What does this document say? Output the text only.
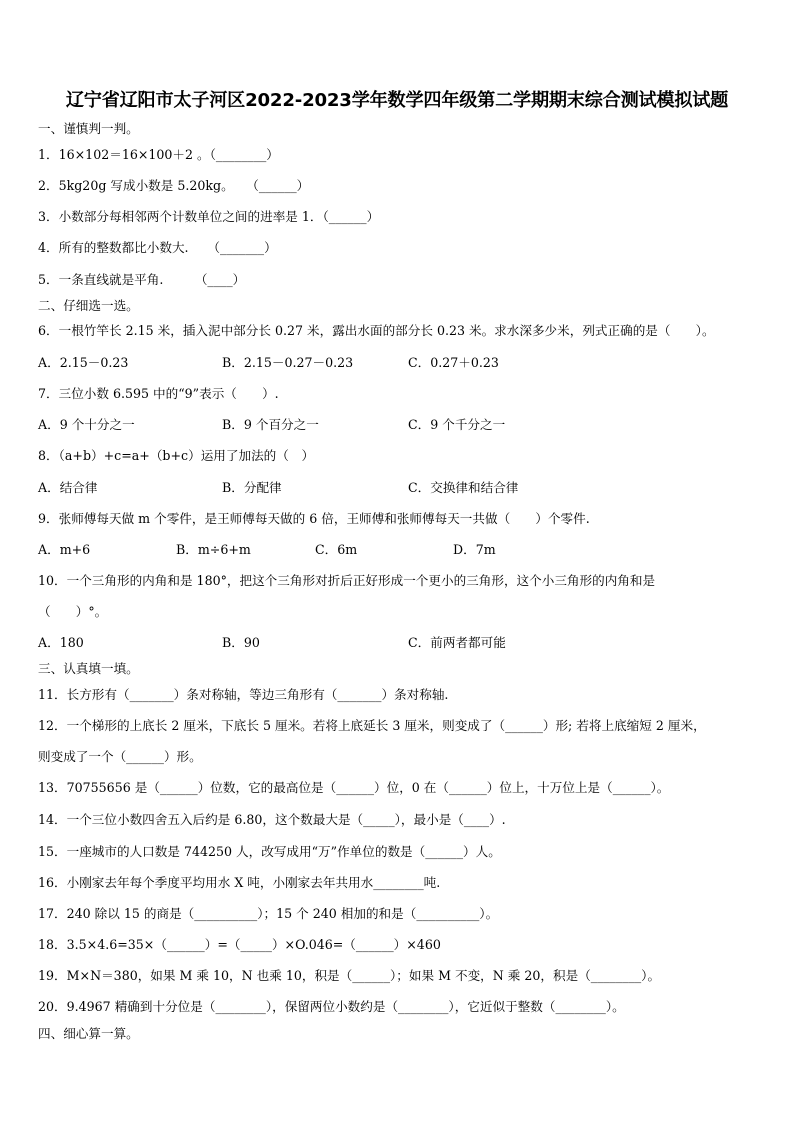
辽宁省辽阳市太子河区2022-2023学年数学四年级第二学期期末综合测试模拟试题
一、谨慎判一判。
1．16×102＝16×100＋2 。（________）
2．5kg20g 写成小数是 5.20kg。　　（______）
3．小数部分每相邻两个计数单位之间的进率是 1．（______）
4．所有的整数都比小数大.　　（_______）
5．一条直线就是平角.　　　（____）
二、仔细选一选。
6．一根竹竿长 2.15 米，插入泥中部分长 0.27 米，露出水面的部分长 0.23 米。求水深多少米，列式正确的是（　　）。
A．2.15－0.23	B．2.15－0.27－0.23	C．0.27＋0.23
7．三位小数 6.595 中的“9”表示（　　）.
A．9 个十分之一	B．9 个百分之一	C．9 个千分之一
8．（a+b）+c=a+（b+c）运用了加法的（　）
A．结合律	B．分配律	C．交换律和结合律
9．张师傅每天做 m 个零件，是王师傅每天做的 6 倍，王师傅和张师傅每天一共做（　　）个零件.
A．m+6	B．m÷6+m	C．6m	D．7m
10．一个三角形的内角和是 180°，把这个三角形对折后正好形成一个更小的三角形，这个小三角形的内角和是
（　　）°。
A．180	B．90	C．前两者都可能
三、认真填一填。
11．长方形有（_______）条对称轴，等边三角形有（_______）条对称轴.
12．一个梯形的上底长 2 厘米，下底长 5 厘米。若将上底延长 3 厘米，则变成了（______）形; 若将上底缩短 2 厘米，
则变成了一个（______）形。
13．70755656 是（______）位数，它的最高位是（______）位，0 在（______）位上，十万位上是（______）。
14．一个三位小数四舍五入后约是 6.80，这个数最大是（_____），最小是（____）.
15．一座城市的人口数是 744250 人，改写成用“万”作单位的数是（______）人。
16．小刚家去年每个季度平均用水 X 吨，小刚家去年共用水________吨.
17．240 除以 15 的商是（__________）；15 个 240 相加的和是（__________）。
18．3.5×4.6=35×（______）=（_____）×O.046=（______）×460
19．M×N＝380，如果 M 乘 10，N 也乘 10，积是（______）；如果 M 不变，N 乘 20，积是（________）。
20．9.4967 精确到十分位是（________），保留两位小数约是（________），它近似于整数（________）。
四、细心算一算。
